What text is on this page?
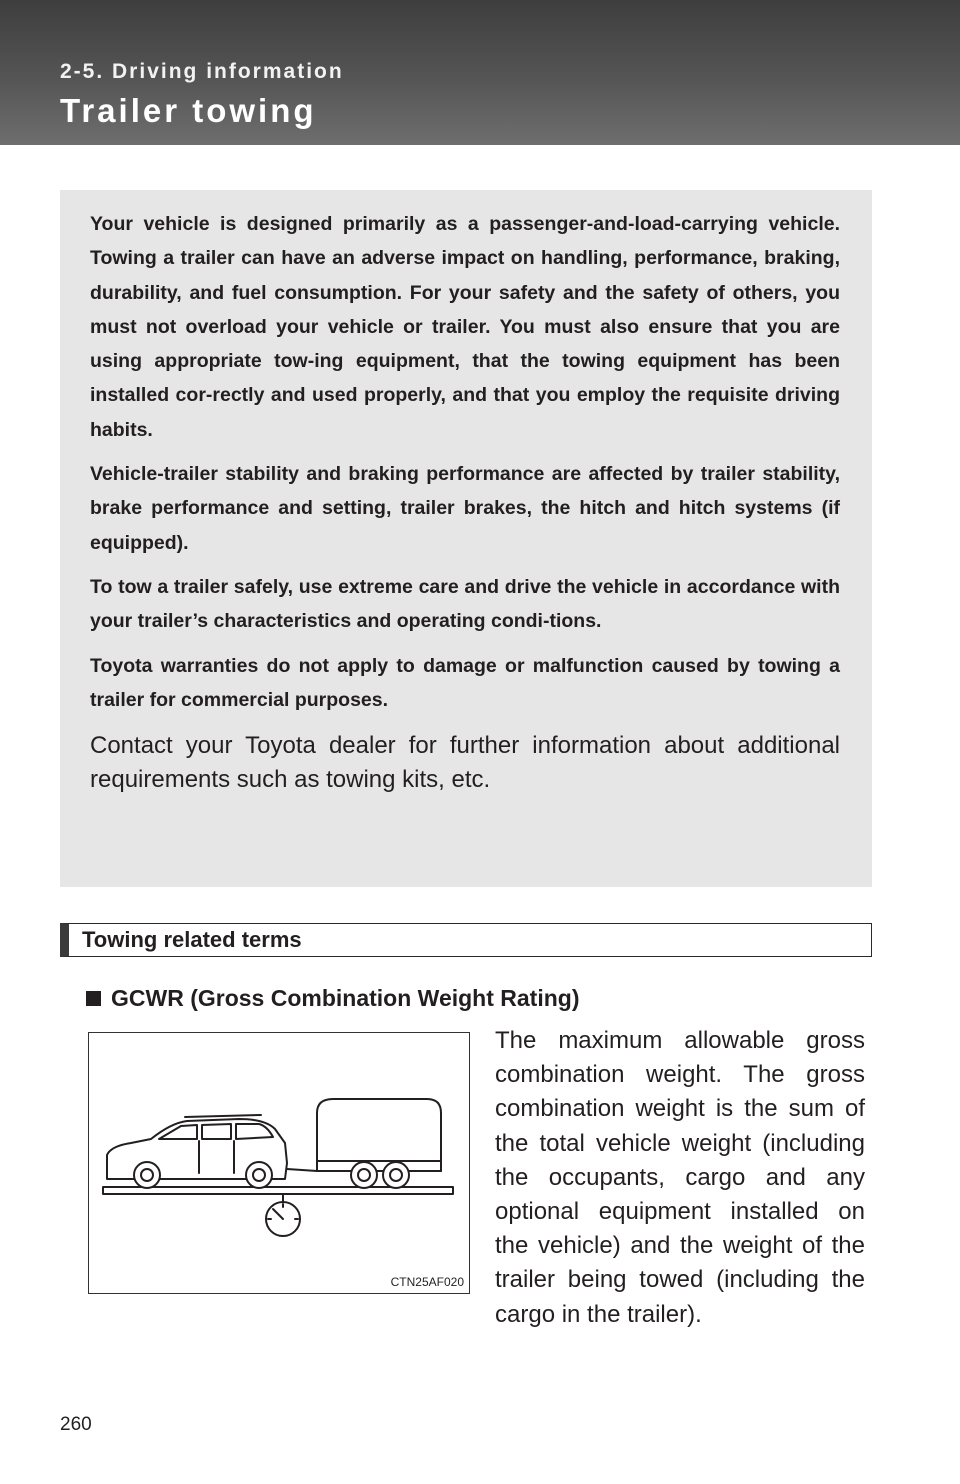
2-5. Driving information
Trailer towing

Your vehicle is designed primarily as a passenger-and-load-carrying vehicle. Towing a trailer can have an adverse impact on handling, performance, braking, durability, and fuel consumption. For your safety and the safety of others, you must not overload your vehicle or trailer. You must also ensure that you are using appropriate tow-ing equipment, that the towing equipment has been installed cor-rectly and used properly, and that you employ the requisite driving habits.

Vehicle-trailer stability and braking performance are affected by trailer stability, brake performance and setting, trailer brakes, the hitch and hitch systems (if equipped).

To tow a trailer safely, use extreme care and drive the vehicle in accordance with your trailer’s characteristics and operating condi-tions.

Toyota warranties do not apply to damage or malfunction caused by towing a trailer for commercial purposes.

Contact your Toyota dealer for further information about additional requirements such as towing kits, etc.

Towing related terms
GCWR (Gross Combination Weight Rating)
CTN25AF020

The maximum allowable gross combination weight. The gross combination weight is the sum of the total vehicle weight (including the occupants, cargo and any optional equipment installed on the vehicle) and the weight of the trailer being towed (including the cargo in the trailer).

260
